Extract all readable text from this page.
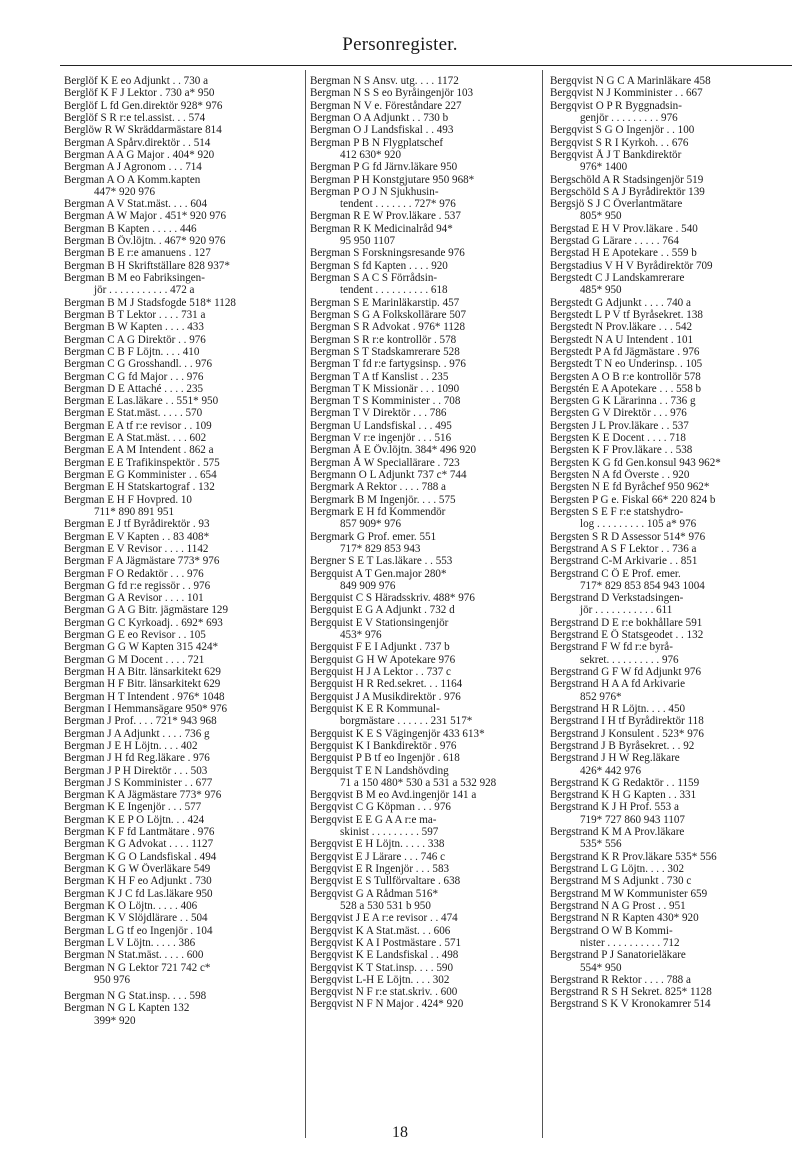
Personregister.
Berglöf K E eo Adjunkt . . 730 a
Berglöf K F J Lektor . 730 a* 950
Berglöf L fd Gen.direktör 928* 976
Berglöf S R r:e tel.assist. . . 574
Berglöw R W Skräddarmästare 814
Bergman A Spårv.direktör . . 514
Bergman A A G Major . 404* 920
Bergman A J Agronom . . . 714
Bergman A O A Komm.kapten
447* 920 976
Bergman A V Stat.mäst. . . . 604
Bergman A W Major . 451* 920 976
Bergman B Kapten . . . . . 446
Bergman B Öv.löjtn. . 467* 920 976
Bergman B E r:e amanuens . 127
Bergman B H Skriftställare 828 937*
Bergman B M eo Fabriksingen-
jör . . . . . . . . . . . 472 a
Bergman B M J Stadsfogde 518* 1128
Bergman B T Lektor . . . . 731 a
Bergman B W Kapten . . . . 433
Bergman C A G Direktör . . 976
Bergman C B F Löjtn. . . . 410
Bergman C G Grosshandl. . . 976
Bergman C G fd Major . . . 976
Bergman D E Attaché . . . . 235
Bergman E Las.läkare . . 551* 950
Bergman E Stat.mäst. . . . . 570
Bergman E A tf r:e revisor . . 109
Bergman E A Stat.mäst. . . . 602
Bergman E A M Intendent . 862 a
Bergman E E Trafikinspektör . 575
Bergman E G Komminister . . 654
Bergman E H Statskartograf . 132
Bergman E H F Hovpred. 10
711* 890 891 951
Bergman E J tf Byrådirektör . 93
Bergman E V Kapten . . 83 408*
Bergman E V Revisor . . . . 1142
Bergman F A Jägmästare 773* 976
Bergman F O Redaktör . . . 976
Bergman G fd r:e regissör . . 976
Bergman G A Revisor . . . . 101
Bergman G A G Bitr. jägmästare 129
Bergman G C Kyrkoadj. . 692* 693
Bergman G E eo Revisor . . 105
Bergman G G W Kapten 315 424*
Bergman G M Docent . . . . 721
Bergman H A Bitr. länsarkitekt 629
Bergman H F Bitr. länsarkitekt 629
Bergman H T Intendent . 976* 1048
Bergman I Hemmansägare 950* 976
Bergman J Prof. . . . 721* 943 968
Bergman J A Adjunkt . . . . 736 g
Bergman J E H Löjtn. . . . 402
Bergman J H fd Reg.läkare . 976
Bergman J P H Direktör . . . 503
Bergman J S Komminister . . 677
Bergman K A Jägmästare 773* 976
Bergman K E Ingenjör . . . 577
Bergman K E P O Löjtn. . . 424
Bergman K F fd Lantmätare . 976
Bergman K G Advokat . . . . 1127
Bergman K G O Landsfiskal . 494
Bergman K G W Överläkare 549
Bergman K H F eo Adjunkt . 730
Bergman K J C fd Las.läkare 950
Bergman K O Löjtn. . . . . 406
Bergman K V Slöjdlärare . . 504
Bergman L G tf eo Ingenjör . 104
Bergman L V Löjtn. . . . . 386
Bergman N Stat.mäst. . . . . 600
Bergman N G Lektor 721 742 c*
950 976
Bergman N G Stat.insp. . . . 598
Bergman N G L Kapten 132
399* 920
Bergman N S Ansv. utg. . . . 1172
Bergman N S S eo Byråingenjör 103
Bergman N V e. Föreståndare 227
Bergman O A Adjunkt . . 730 b
Bergman O J Landsfiskal . . 493
Bergman P B N Flygplatschef
412 630* 920
Bergman P G fd Järnv.läkare 950
Bergman P H Konstgjutare 950 968*
Bergman P O J N Sjukhusin-
tendent . . . . . . . 727* 976
Bergman R E W Prov.läkare . 537
Bergman R K Medicinalråd 94*
95 950 1107
Bergman S Forskningsresande 976
Bergman S fd Kapten . . . . 920
Bergman S A C S Förrådsin-
tendent . . . . . . . . . . 618
Bergman S E Marinläkarstip. 457
Bergman S G A Folkskollärare 507
Bergman S R Advokat . 976* 1128
Bergman S R r:e kontrollör . 578
Bergman S T Stadskamrerare 528
Bergman T fd r:e fartygsinsp. . 976
Bergman T A tf Kanslist . . 235
Bergman T K Missionär . . . 1090
Bergman T S Komminister . . 708
Bergman T V Direktör . . . 786
Bergman U Landsfiskal . . . 495
Bergman V r:e ingenjör . . . 516
Bergman Å E Öv.löjtn. 384* 496 920
Bergman Å W Speciallärare . 723
Bergmann O L Adjunkt 737 c* 744
Bergmark A Rektor . . . . 788 a
Bergmark B M Ingenjör. . . . 575
Bergmark E H fd Kommendör
857 909* 976
Bergmark G Prof. emer. 551
717* 829 853 943
Bergner S E T Las.läkare . . 553
Bergquist A T Gen.major 280*
849 909 976
Bergquist C S Häradsskriv. 488* 976
Bergquist E G A Adjunkt . 732 d
Bergquist E V Stationsingenjör
453* 976
Bergquist F E I Adjunkt . 737 b
Bergquist G H W Apotekare 976
Bergquist H J A Lektor . . 737 c
Bergquist H R Red.sekret. . . 1164
Bergquist J A Musikdirektör . 976
Bergquist K E R Kommunal-
borgmästare . . . . . . 231 517*
Bergquist K E S Vägingenjör 433 613*
Bergquist K I Bankdirektör . 976
Bergquist P B tf eo Ingenjör . 618
Bergquist T E N Landshövding
71 a 150 480* 530 a 531 a 532 928
Bergqvist B M eo Avd.ingenjör 141 a
Bergqvist C G Köpman . . . 976
Bergqvist E E G A A r:e ma-
skinist . . . . . . . . . 597
Bergqvist E H Löjtn. . . . . 338
Bergqvist E J Lärare . . . 746 c
Bergqvist E R Ingenjör . . . 583
Bergqvist E S Tullförvaltare . 638
Bergqvist G A Rådman 516*
528 a 530 531 b 950
Bergqvist J E A r:e revisor . . 474
Bergqvist K A Stat.mäst. . . 606
Bergqvist K A I Postmästare . 571
Bergqvist K E Landsfiskal . . 498
Bergqvist K T Stat.insp. . . . 590
Bergqvist L-H E Löjtn. . . . 302
Bergqvist N F r:e stat.skriv. . 600
Bergqvist N F N Major . 424* 920
Bergqvist N G C A Marinläkare 458
Bergqvist N J Komminister . . 667
Bergqvist O P R Byggnadsin-
genjör . . . . . . . . . 976
Bergqvist S G O Ingenjör . . 100
Bergqvist S R I Kyrkoh. . . 676
Bergqvist Å J T Bankdirektör
976* 1400
Bergschöld A R Stadsingenjör 519
Bergschöld S A J Byrådirektör 139
Bergsjö S J C Överlantmätare
805* 950
Bergstad E H V Prov.läkare . 540
Bergstad G Lärare . . . . . 764
Bergstad H E Apotekare . . 559 b
Bergstadius V H V Byrådirektör 709
Bergstedt C J Landskamrerare
485* 950
Bergstedt G Adjunkt . . . . 740 a
Bergstedt L P V tf Byråsekret. 138
Bergstedt N Prov.läkare . . . 542
Bergstedt N A U Intendent . 101
Bergstedt P A fd Jägmästare . 976
Bergstedt T N eo Underinsp. . 105
Bergsten A O B r:e kontrollör 578
Bergstén E A Apotekare . . . 558 b
Bergsten G K Lärarinna . . 736 g
Bergsten G V Direktör . . . 976
Bergsten J L Prov.läkare . . 537
Bergsten K E Docent . . . . 718
Bergsten K F Prov.läkare . . 538
Bergsten K G fd Gen.konsul 943 962*
Bergsten N A fd Överste . . 920
Bergsten N E fd Byråchef 950 962*
Bergsten P G e. Fiskal 66* 220 824 b
Bergsten S E F r:e statshydro-
log . . . . . . . . . 105 a* 976
Bergsten S R D Assessor 514* 976
Bergstrand A S F Lektor . . 736 a
Bergstrand C-M Arkivarie . . 851
Bergstrand C Ö E Prof. emer.
717* 829 853 854 943 1004
Bergstrand D Verkstadsingen-
jör . . . . . . . . . . . 611
Bergstrand D E r:e bokhållare 591
Bergstrand E Ö Statsgeodet . . 132
Bergstrand F W fd r:e byrå-
sekret. . . . . . . . . . 976
Bergstrand G F W fd Adjunkt 976
Bergstrand H A A fd Arkivarie
852 976*
Bergstrand H R Löjtn. . . . 450
Bergstrand I H tf Byrådirektör 118
Bergstrand J Konsulent . 523* 976
Bergstrand J B Byråsekret. . . 92
Bergstrand J H W Reg.läkare
426* 442 976
Bergstrand K G Redaktör . . 1159
Bergstrand K H G Kapten . . 331
Bergstrand K J H Prof. 553 a
719* 727 860 943 1107
Bergstrand K M A Prov.läkare
535* 556
Bergstrand K R Prov.läkare 535* 556
Bergstrand L G Löjtn. . . . 302
Bergstrand M S Adjunkt . 730 c
Bergstrand M W Kommunister 659
Bergstrand N A G Prost . . 951
Bergstrand N R Kapten 430* 920
Bergstrand O W B Kommi-
nister . . . . . . . . . . 712
Bergstrand P J Sanatorieläkare
554* 950
Bergstrand R Rektor . . . . 788 a
Bergstrand R S H Sekret. 825* 1128
Bergstrand S K V Kronokamrer 514
18
